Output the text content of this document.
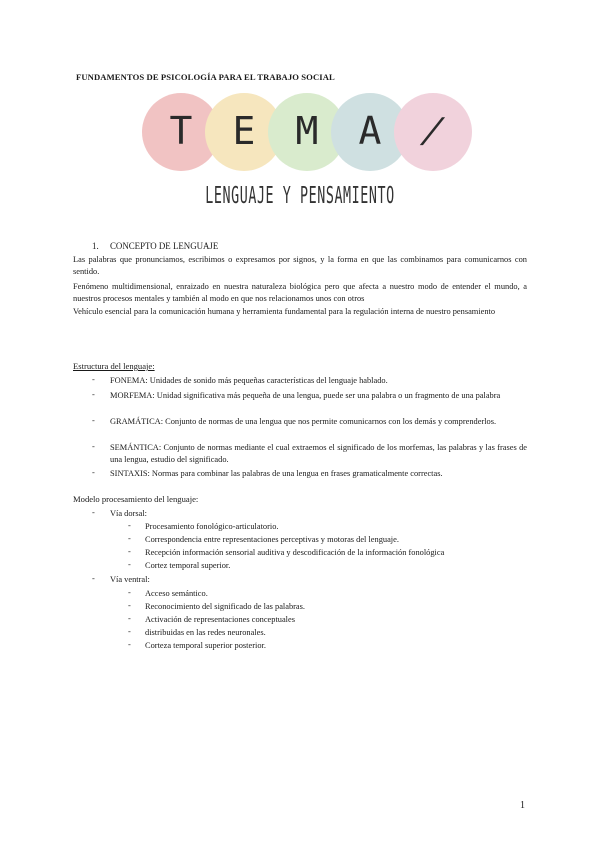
FUNDAMENTOS DE PSICOLOGÍA PARA EL TRABAJO SOCIAL
T	E	M	A	/
LENGUAJE Y PENSAMIENTO
1. CONCEPTO DE LENGUAJE
Las palabras que pronunciamos, escribimos o expresamos por signos, y la forma en que las combinamos para comunicarnos con sentido.
Fenómeno multidimensional, enraizado en nuestra naturaleza biológica pero que afecta a nuestro modo de entender el mundo, a nuestros procesos mentales y también al modo en que nos relacionamos unos con otros
Vehículo esencial para la comunicación humana y herramienta fundamental para la regulación interna de nuestro pensamiento
Estructura del lenguaje:
- FONEMA: Unidades de sonido más pequeñas características del lenguaje hablado.
- MORFEMA: Unidad significativa más pequeña de una lengua, puede ser una palabra o un fragmento de una palabra
- GRAMÁTICA: Conjunto de normas de una lengua que nos permite comunicarnos con los demás y comprenderlos.
- SEMÁNTICA: Conjunto de normas mediante el cual extraemos el significado de los morfemas, las palabras y las frases de una lengua, estudio del significado.
- SINTAXIS: Normas para combinar las palabras de una lengua en frases gramaticalmente correctas.
Modelo procesamiento del lenguaje:
- Vía dorsal:
- Procesamiento fonológico-articulatorio.
- Correspondencia entre representaciones perceptivas y motoras del lenguaje.
- Recepción información sensorial auditiva y descodificación de la información fonológica
- Cortez temporal superior.
- Vía ventral:
- Acceso semántico.
- Reconocimiento del significado de las palabras.
- Activación de representaciones conceptuales
- distribuidas en las redes neuronales.
- Corteza temporal superior posterior.
1
